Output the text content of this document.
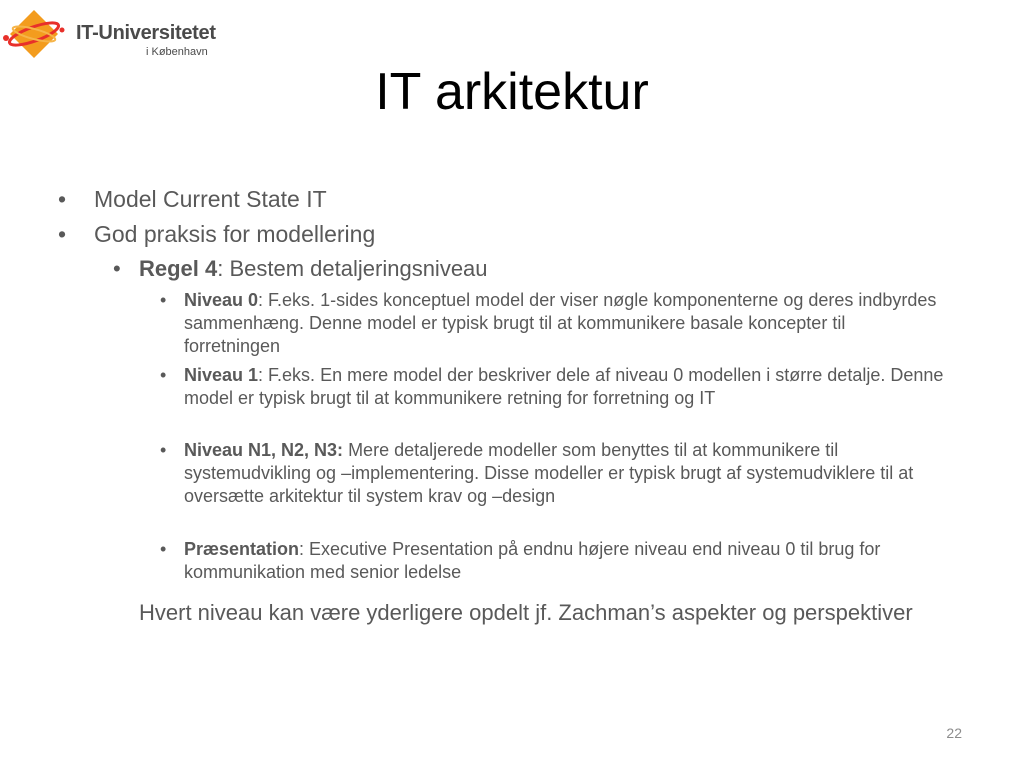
IT-Universitetet
i København
IT arkitektur
• Model Current State IT
• God praksis for modellering
• Regel 4: Bestem detaljeringsniveau
• Niveau 0: F.eks. 1-sides konceptuel model der viser nøgle komponenterne og deres indbyrdes sammenhæng. Denne model er typisk brugt til at kommunikere basale koncepter til forretningen
• Niveau 1: F.eks. En mere model der beskriver dele af niveau 0 modellen i større detalje. Denne model er typisk brugt til at kommunikere retning for forretning og IT
• Niveau N1, N2, N3: Mere detaljerede modeller som benyttes til at kommunikere til systemudvikling og –implementering. Disse modeller er typisk brugt af systemudviklere til at oversætte arkitektur til system krav og –design
• Præsentation: Executive Presentation på endnu højere niveau end niveau 0 til brug for kommunikation med senior ledelse
Hvert niveau kan være yderligere opdelt jf. Zachman’s aspekter og perspektiver
22
